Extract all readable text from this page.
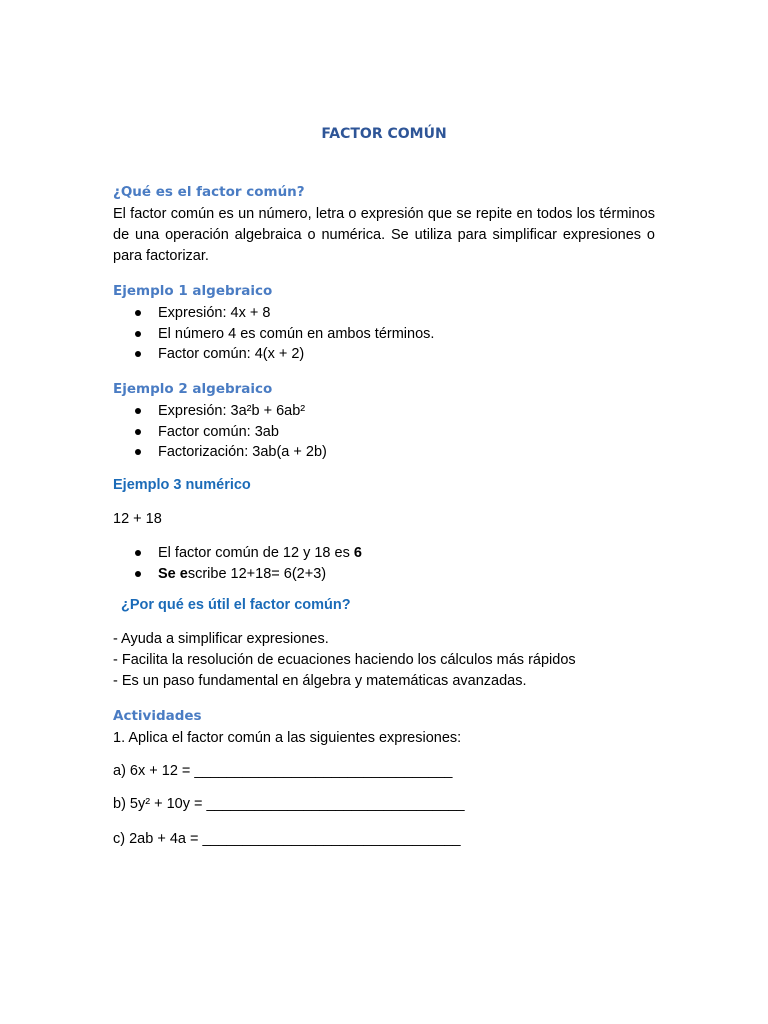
FACTOR COMÚN
¿Qué es el factor común?
El factor común es un número, letra o expresión que se repite en todos los términos de una operación algebraica o numérica. Se utiliza para simplificar expresiones o para factorizar.
Ejemplo 1 algebraico
Expresión: 4x + 8
El número 4 es común en ambos términos.
Factor común: 4(x + 2)
Ejemplo 2 algebraico
Expresión: 3a²b + 6ab²
Factor común: 3ab
Factorización: 3ab(a + 2b)
Ejemplo 3 numérico
12 + 18
El factor común de 12 y 18 es 6
Se escribe 12+18= 6(2+3)
¿Por qué es útil el factor común?
- Ayuda a simplificar expresiones.
- Facilita la resolución de ecuaciones haciendo los cálculos más rápidos
- Es un paso fundamental en álgebra y matemáticas avanzadas.
Actividades
1. Aplica el factor común a las siguientes expresiones:
a) 6x + 12 = ________________________________
b) 5y² + 10y = ________________________________
c) 2ab + 4a = ________________________________
